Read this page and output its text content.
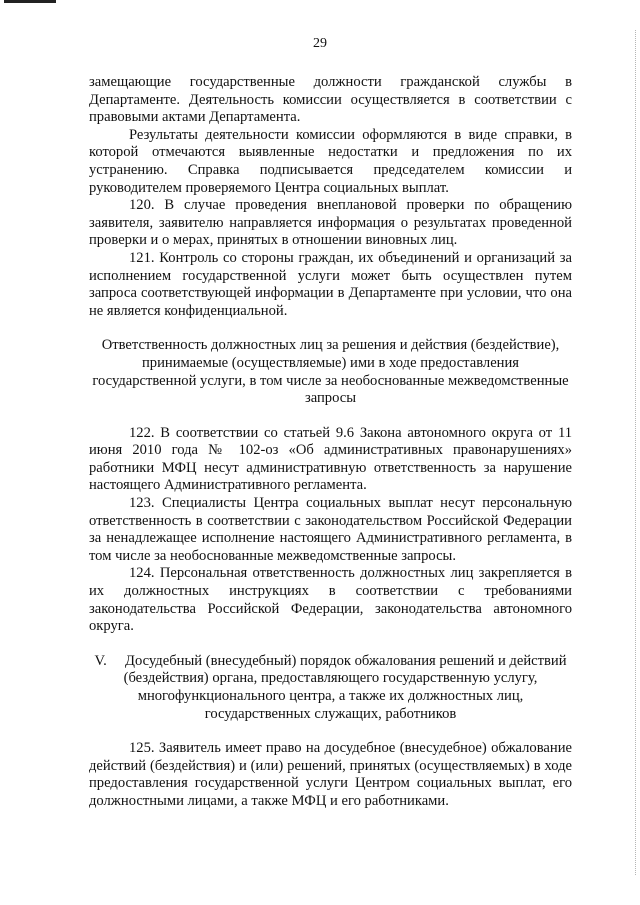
29

замещающие государственные должности гражданской службы в Департаменте. Деятельность комиссии осуществляется в соответствии с правовыми актами Департамента.

Результаты деятельности комиссии оформляются в виде справки, в которой отмечаются выявленные недостатки и предложения по их устранению. Справка подписывается председателем комиссии и руководителем проверяемого Центра социальных выплат.

120. В случае проведения внеплановой проверки по обращению заявителя, заявителю направляется информация о результатах проведенной проверки и о мерах, принятых в отношении виновных лиц.

121. Контроль со стороны граждан, их объединений и организаций за исполнением государственной услуги может быть осуществлен путем запроса соответствующей информации в Департаменте при условии, что она не является конфиденциальной.

Ответственность должностных лиц за решения и действия (бездействие), принимаемые (осуществляемые) ими в ходе предоставления государственной услуги, в том числе за необоснованные межведомственные запросы

122. В соответствии со статьей 9.6 Закона автономного округа от 11 июня 2010 года № 102-оз «Об административных правонарушениях» работники МФЦ несут административную ответственность за нарушение настоящего Административного регламента.

123. Специалисты Центра социальных выплат несут персональную ответственность в соответствии с законодательством Российской Федерации за ненадлежащее исполнение настоящего Административного регламента, в том числе за необоснованные межведомственные запросы.

124. Персональная ответственность должностных лиц закрепляется в их должностных инструкциях в соответствии с требованиями законодательства Российской Федерации, законодательства автономного округа.

V.     Досудебный (внесудебный) порядок обжалования решений и действий (бездействия) органа, предоставляющего государственную услугу, многофункционального центра, а также их должностных лиц, государственных служащих, работников

125. Заявитель имеет право на досудебное (внесудебное) обжалование действий (бездействия) и (или) решений, принятых (осуществляемых) в ходе предоставления государственной услуги Центром социальных выплат, его должностными лицами, а также МФЦ и его работниками.
